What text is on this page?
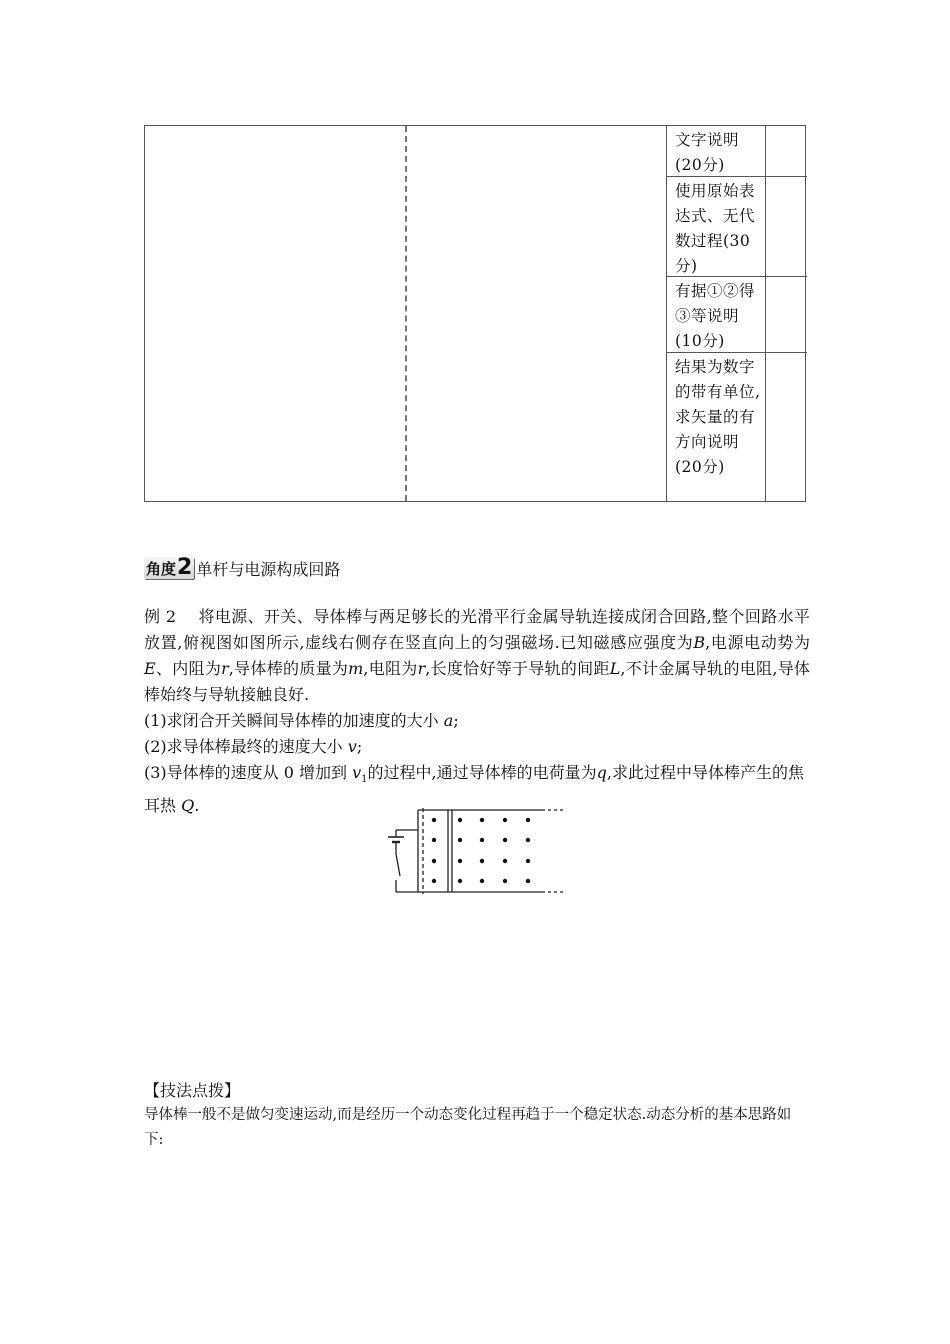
文字说明(20分)
使用原始表达式、无代数过程(30分)
有据①②得③等说明(10分)
结果为数字的带有单位,求矢量的有方向说明(20分)
角度 2 单杆与电源构成回路

例 2 将电源、开关、导体棒与两足够长的光滑平行金属导轨连接成闭合回路,整个回路水平放置,俯视图如图所示,虚线右侧存在竖直向上的匀强磁场.已知磁感应强度为B,电源电动势为E、内阻为r,导体棒的质量为m,电阻为r,长度恰好等于导轨的间距L,不计金属导轨的电阻,导体棒始终与导轨接触良好.

(1)求闭合开关瞬间导体棒的加速度的大小 a;

(2)求导体棒最终的速度大小 v;

(3)导体棒的速度从 0 增加到 $v_1$的过程中,通过导体棒的电荷量为q,求此过程中导体棒产生的焦耳热 Q.

【技法点拨】
导体棒一般不是做匀变速运动,而是经历一个动态变化过程再趋于一个稳定状态.动态分析的基本思路如下:
